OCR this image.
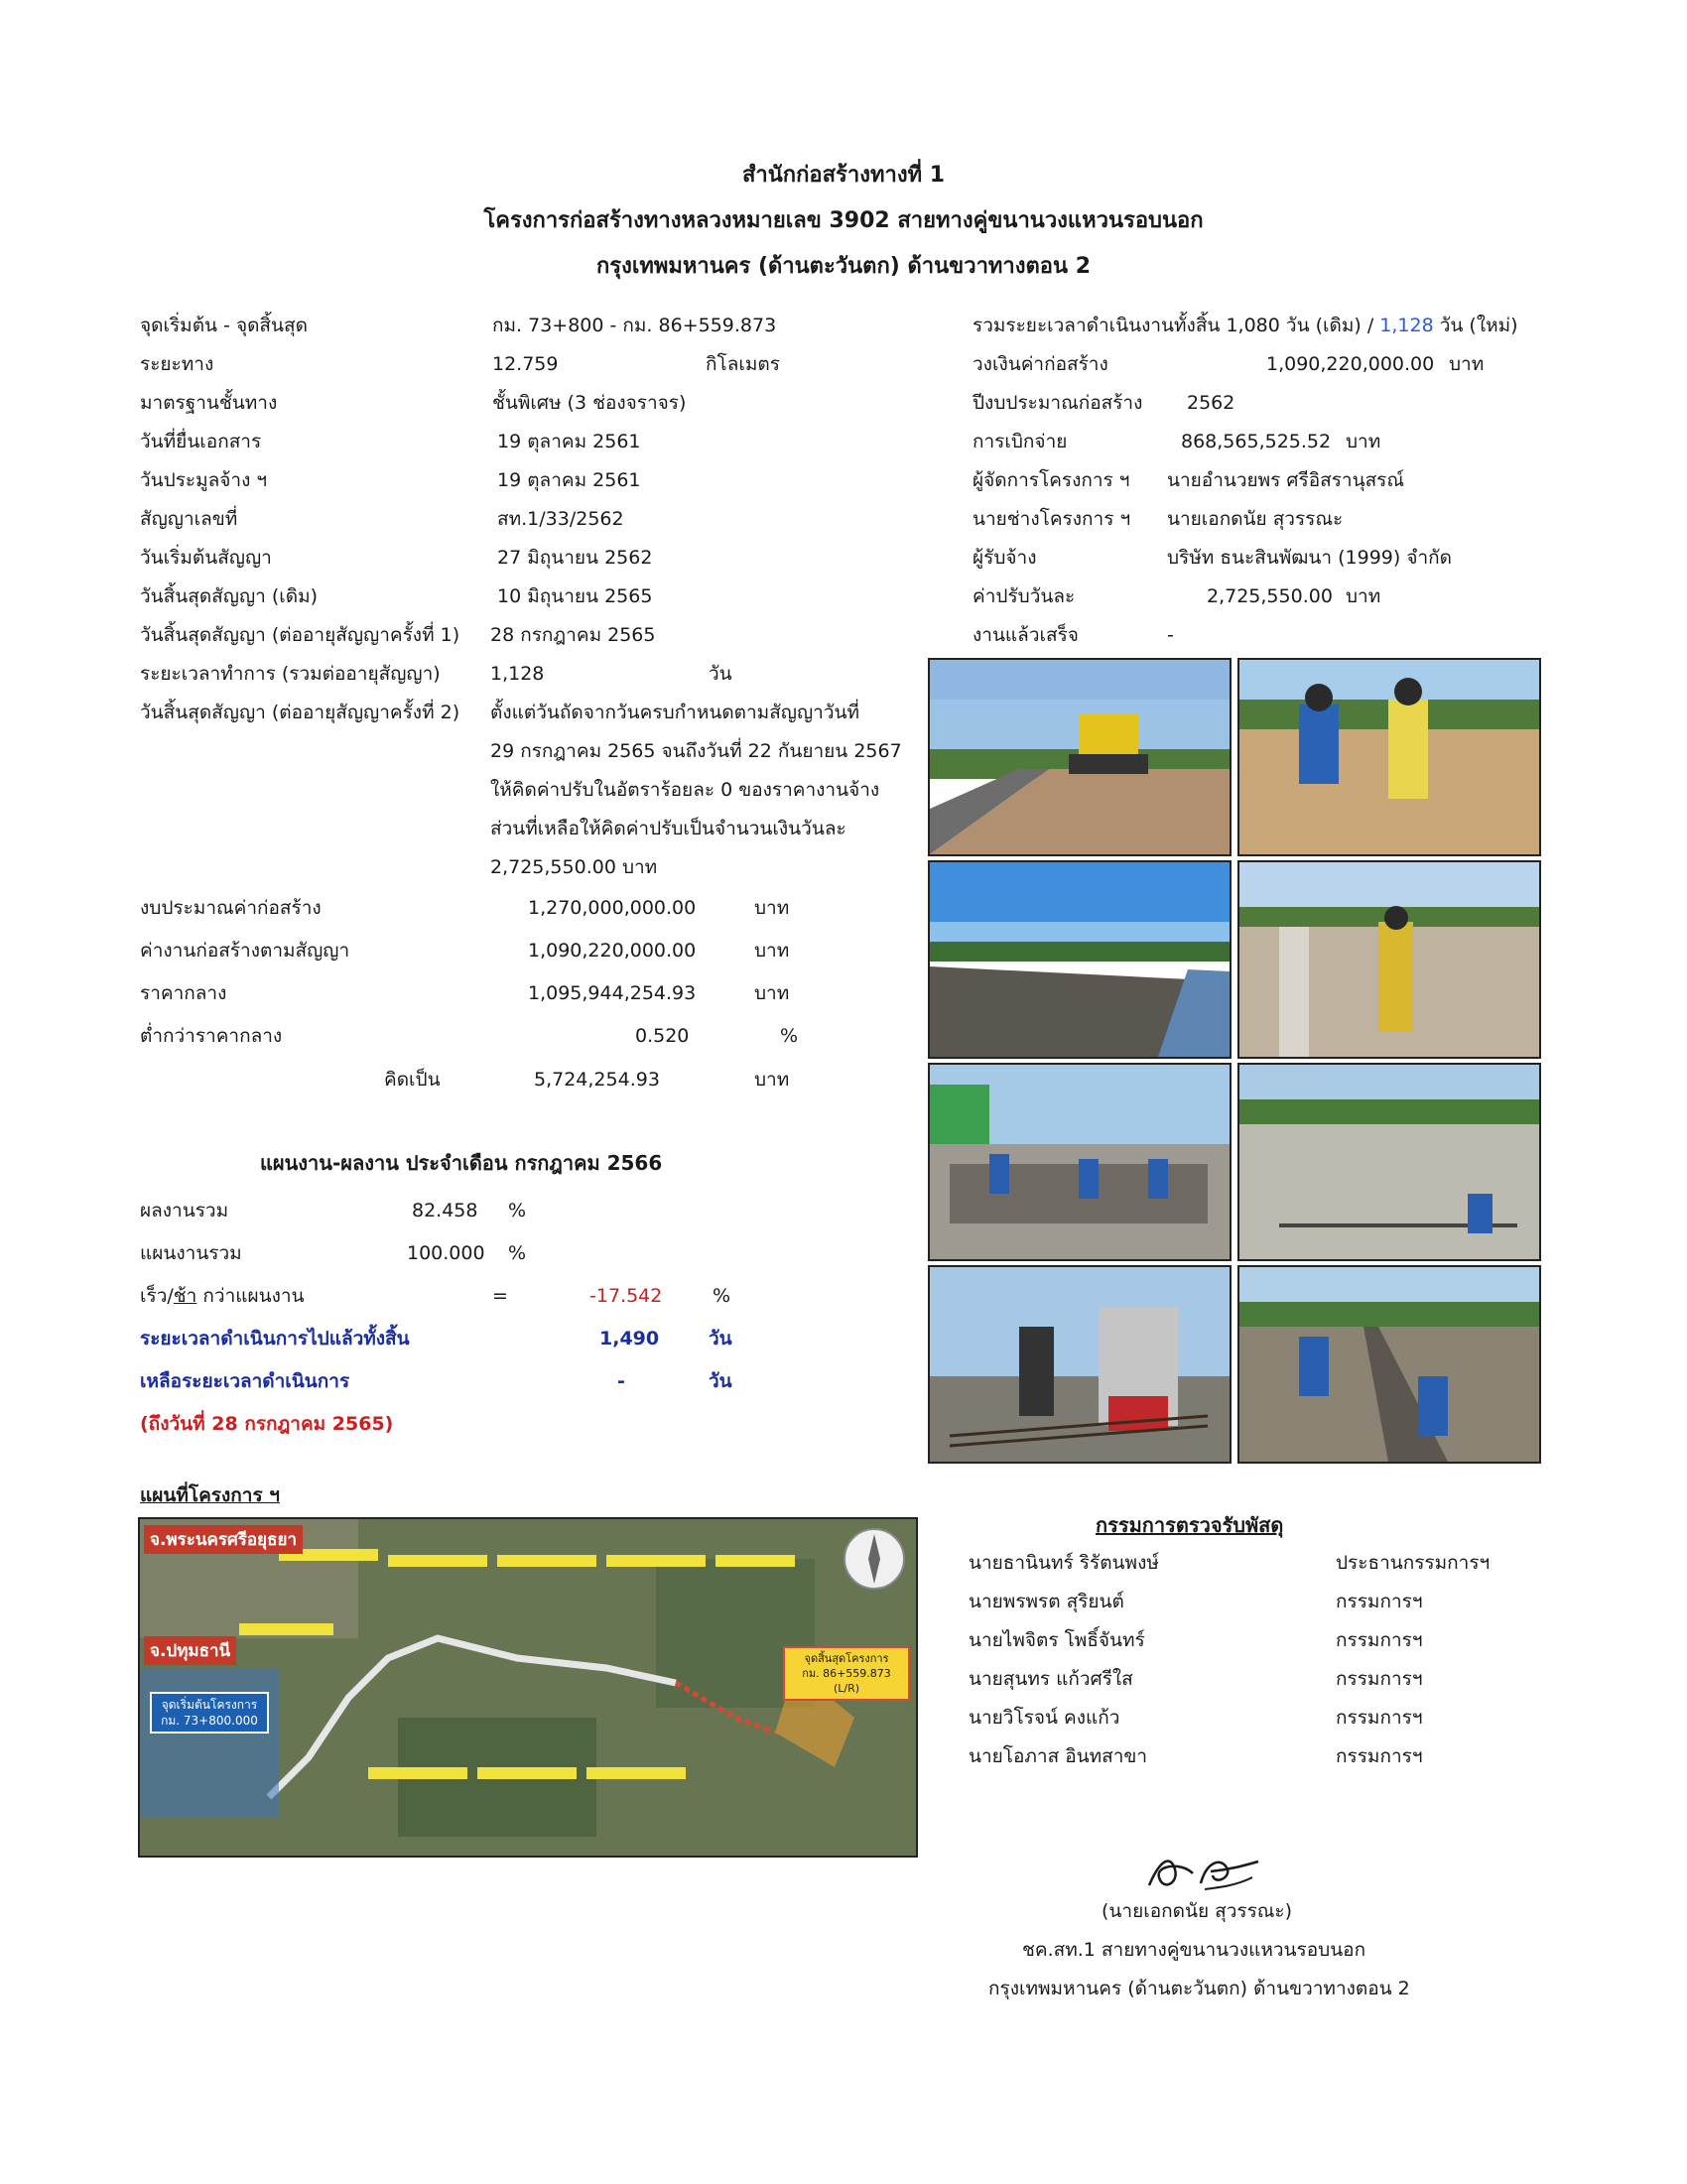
สำนักก่อสร้างทางที่ 1
โครงการก่อสร้างทางหลวงหมายเลข 3902 สายทางคู่ขนานวงแหวนรอบนอก
กรุงเทพมหานคร (ด้านตะวันตก) ด้านขวาทางตอน 2
จุดเริ่มต้น - จุดสิ้นสุด	กม. 73+800 - กม. 86+559.873
ระยะทาง	12.759	กิโลเมตร
มาตรฐานชั้นทาง	ชั้นพิเศษ (3 ช่องจราจร)
วันที่ยื่นเอกสาร	19 ตุลาคม 2561
วันประมูลจ้าง ฯ	19 ตุลาคม 2561
สัญญาเลขที่	สท.1/33/2562
วันเริ่มต้นสัญญา	27 มิถุนายน 2562
วันสิ้นสุดสัญญา (เดิม)	10 มิถุนายน 2565
วันสิ้นสุดสัญญา (ต่ออายุสัญญาครั้งที่ 1) 28 กรกฎาคม 2565
ระยะเวลาทำการ (รวมต่ออายุสัญญา)	1,128	วัน
วันสิ้นสุดสัญญา (ต่ออายุสัญญาครั้งที่ 2) ตั้งแต่วันถัดจากวันครบกำหนดตามสัญญาวันที่
29 กรกฎาคม 2565 จนถึงวันที่ 22 กันยายน 2567
ให้คิดค่าปรับในอัตราร้อยละ 0 ของราคางานจ้าง
ส่วนที่เหลือให้คิดค่าปรับเป็นจำนวนเงินวันละ
2,725,550.00 บาท
งบประมาณค่าก่อสร้าง	1,270,000,000.00	บาท
ค่างานก่อสร้างตามสัญญา	1,090,220,000.00	บาท
ราคากลาง	1,095,944,254.93	บาท
ต่ำกว่าราคากลาง	0.520	%
คิดเป็น	5,724,254.93	บาท
แผนงาน-ผลงาน ประจำเดือน กรกฎาคม 2566
ผลงานรวม	82.458 %
แผนงานรวม	100.000 %
เร็ว/ช้า กว่าแผนงาน	=	-17.542	%
ระยะเวลาดำเนินการไปแล้วทั้งสิ้น	1,490	วัน
เหลือระยะเวลาดำเนินการ	-	วัน
(ถึงวันที่ 28 กรกฎาคม 2565)
รวมระยะเวลาดำเนินงานทั้งสิ้น 1,080 วัน (เดิม) / 1,128 วัน (ใหม่)
วงเงินค่าก่อสร้าง	1,090,220,000.00 บาท
ปีงบประมาณก่อสร้าง 2562
การเบิกจ่าย	868,565,525.52 บาท
ผู้จัดการโครงการ ฯ นายอำนวยพร ศรีอิสรานุสรณ์
นายช่างโครงการ ฯ นายเอกดนัย สุวรรณะ
ผู้รับจ้าง	บริษัท ธนะสินพัฒนา (1999) จำกัด
ค่าปรับวันละ	2,725,550.00 บาท
งานแล้วเสร็จ	-
แผนที่โครงการ ฯ
จ.พระนครศรีอยุธยา
จ.ปทุมธานี
จุดเริ่มต้นโครงการ
กม. 73+800.000
จุดสิ้นสุดโครงการ
กม. 86+559.873 (L/R)
กรรมการตรวจรับพัสดุ
นายธานินทร์ ริรัตนพงษ์	ประธานกรรมการฯ
นายพรพรต สุริยนต์	กรรมการฯ
นายไพจิตร โพธิ์จันทร์	กรรมการฯ
นายสุนทร แก้วศรีใส	กรรมการฯ
นายวิโรจน์ คงแก้ว	กรรมการฯ
นายโอภาส อินทสาขา	กรรมการฯ
(นายเอกดนัย สุวรรณะ)
ชค.สท.1 สายทางคู่ขนานวงแหวนรอบนอก
กรุงเทพมหานคร (ด้านตะวันตก) ด้านขวาทางตอน 2
